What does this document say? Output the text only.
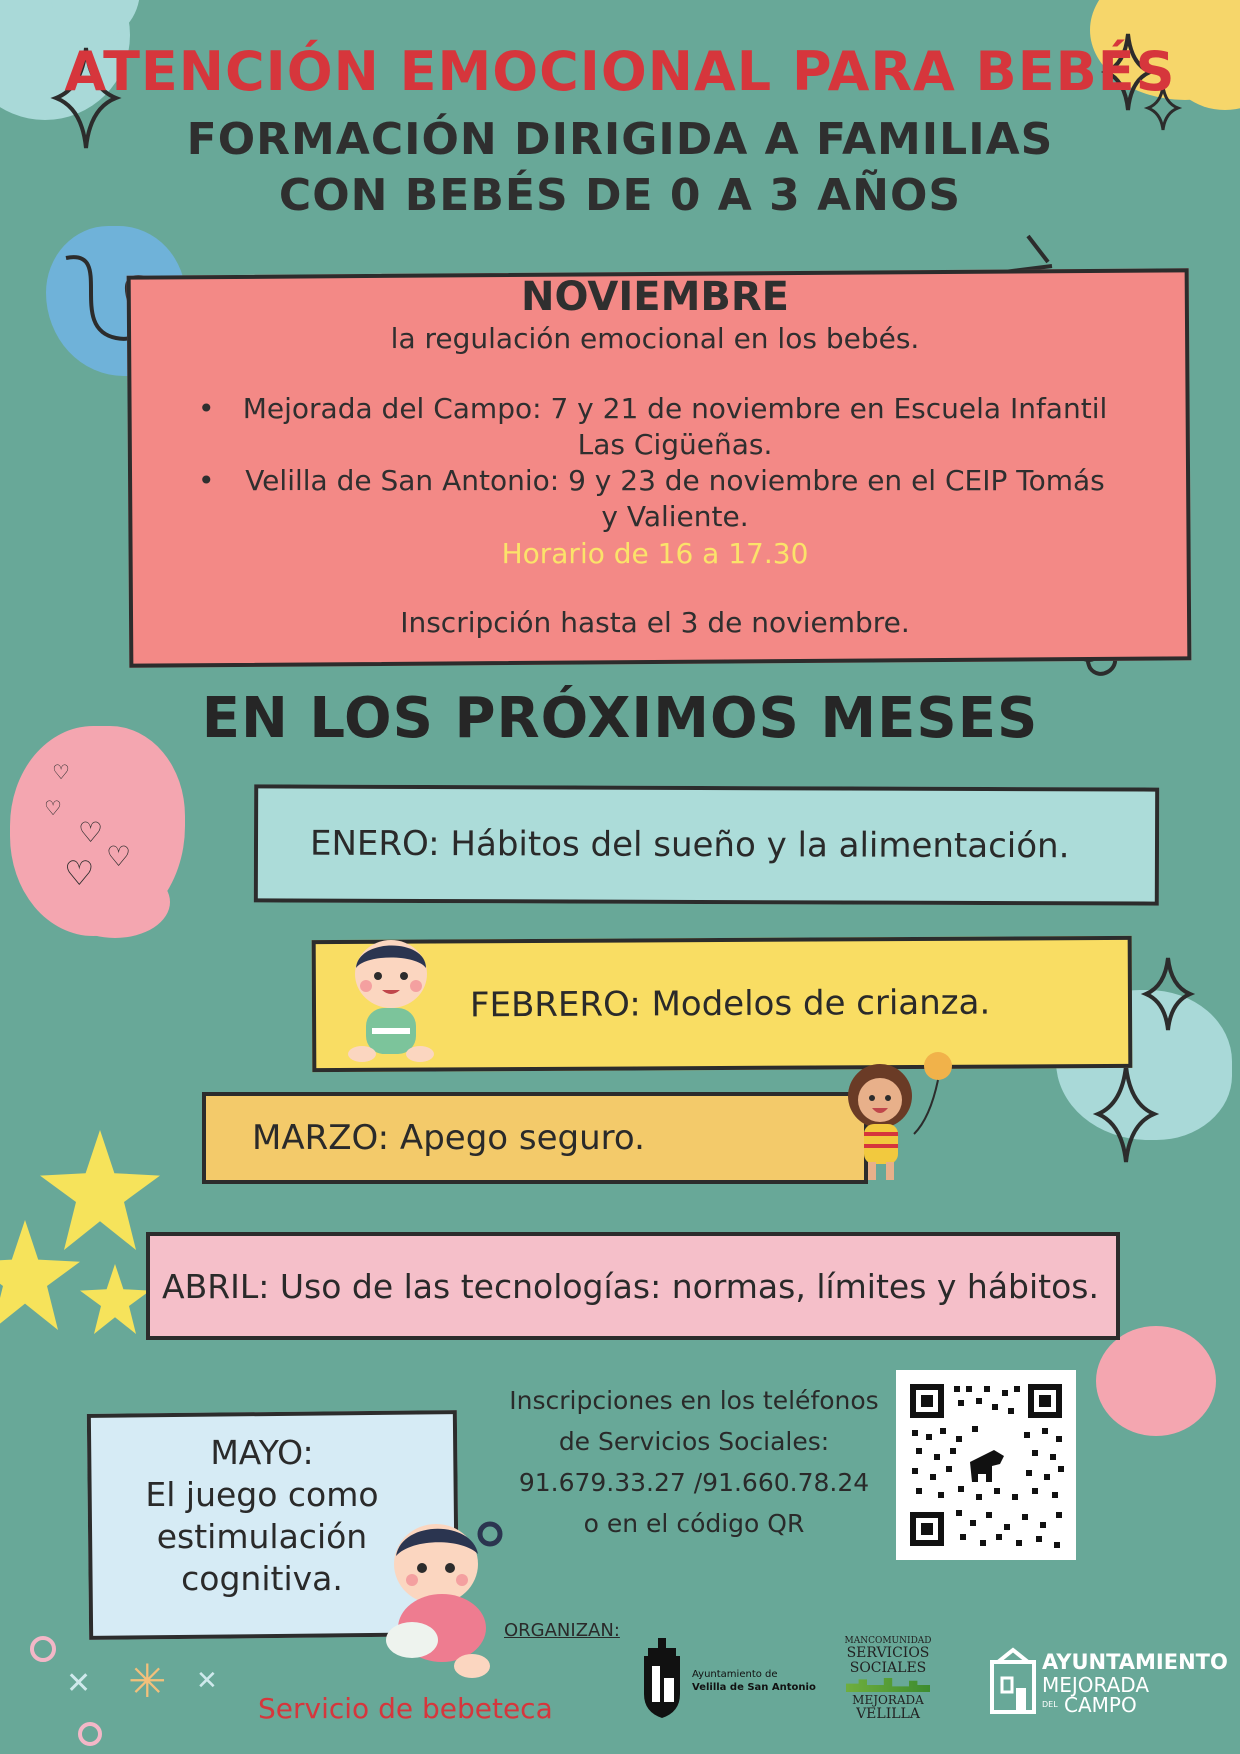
♡
♡
♡
♡
♡
ATENCIÓN EMOCIONAL PARA BEBÉS
FORMACIÓN DIRIGIDA A FAMILIAS
CON BEBÉS DE 0 A 3 AÑOS
NOVIEMBRE
la regulación emocional en los bebés.
• Mejorada del Campo: 7 y 21 de noviembre en Escuela Infantil Las Cigüeñas.
• Velilla de San Antonio: 9 y 23 de noviembre en el CEIP Tomás y Valiente.
Horario de 16 a 17.30
Inscripción hasta el 3 de noviembre.
EN LOS PRÓXIMOS MESES
ENERO: Hábitos del sueño y la alimentación.
FEBRERO: Modelos de crianza.
MARZO: Apego seguro.
ABRIL: Uso de las tecnologías: normas, límites y hábitos.
MAYO:
El juego como
estimulación
cognitiva.
✕	✕
✳
Inscripciones en los teléfonos
de Servicios Sociales:
91.679.33.27 /91.660.78.24
o en el código QR
ORGANIZAN:
Servicio de bebeteca
Ayuntamiento de
Velilla de San Antonio
MANCOMUNIDAD
SERVICIOS
SOCIALES
MEJORADA
VELILLA
AYUNTAMIENTO
MEJORADA
DEL CAMPO
